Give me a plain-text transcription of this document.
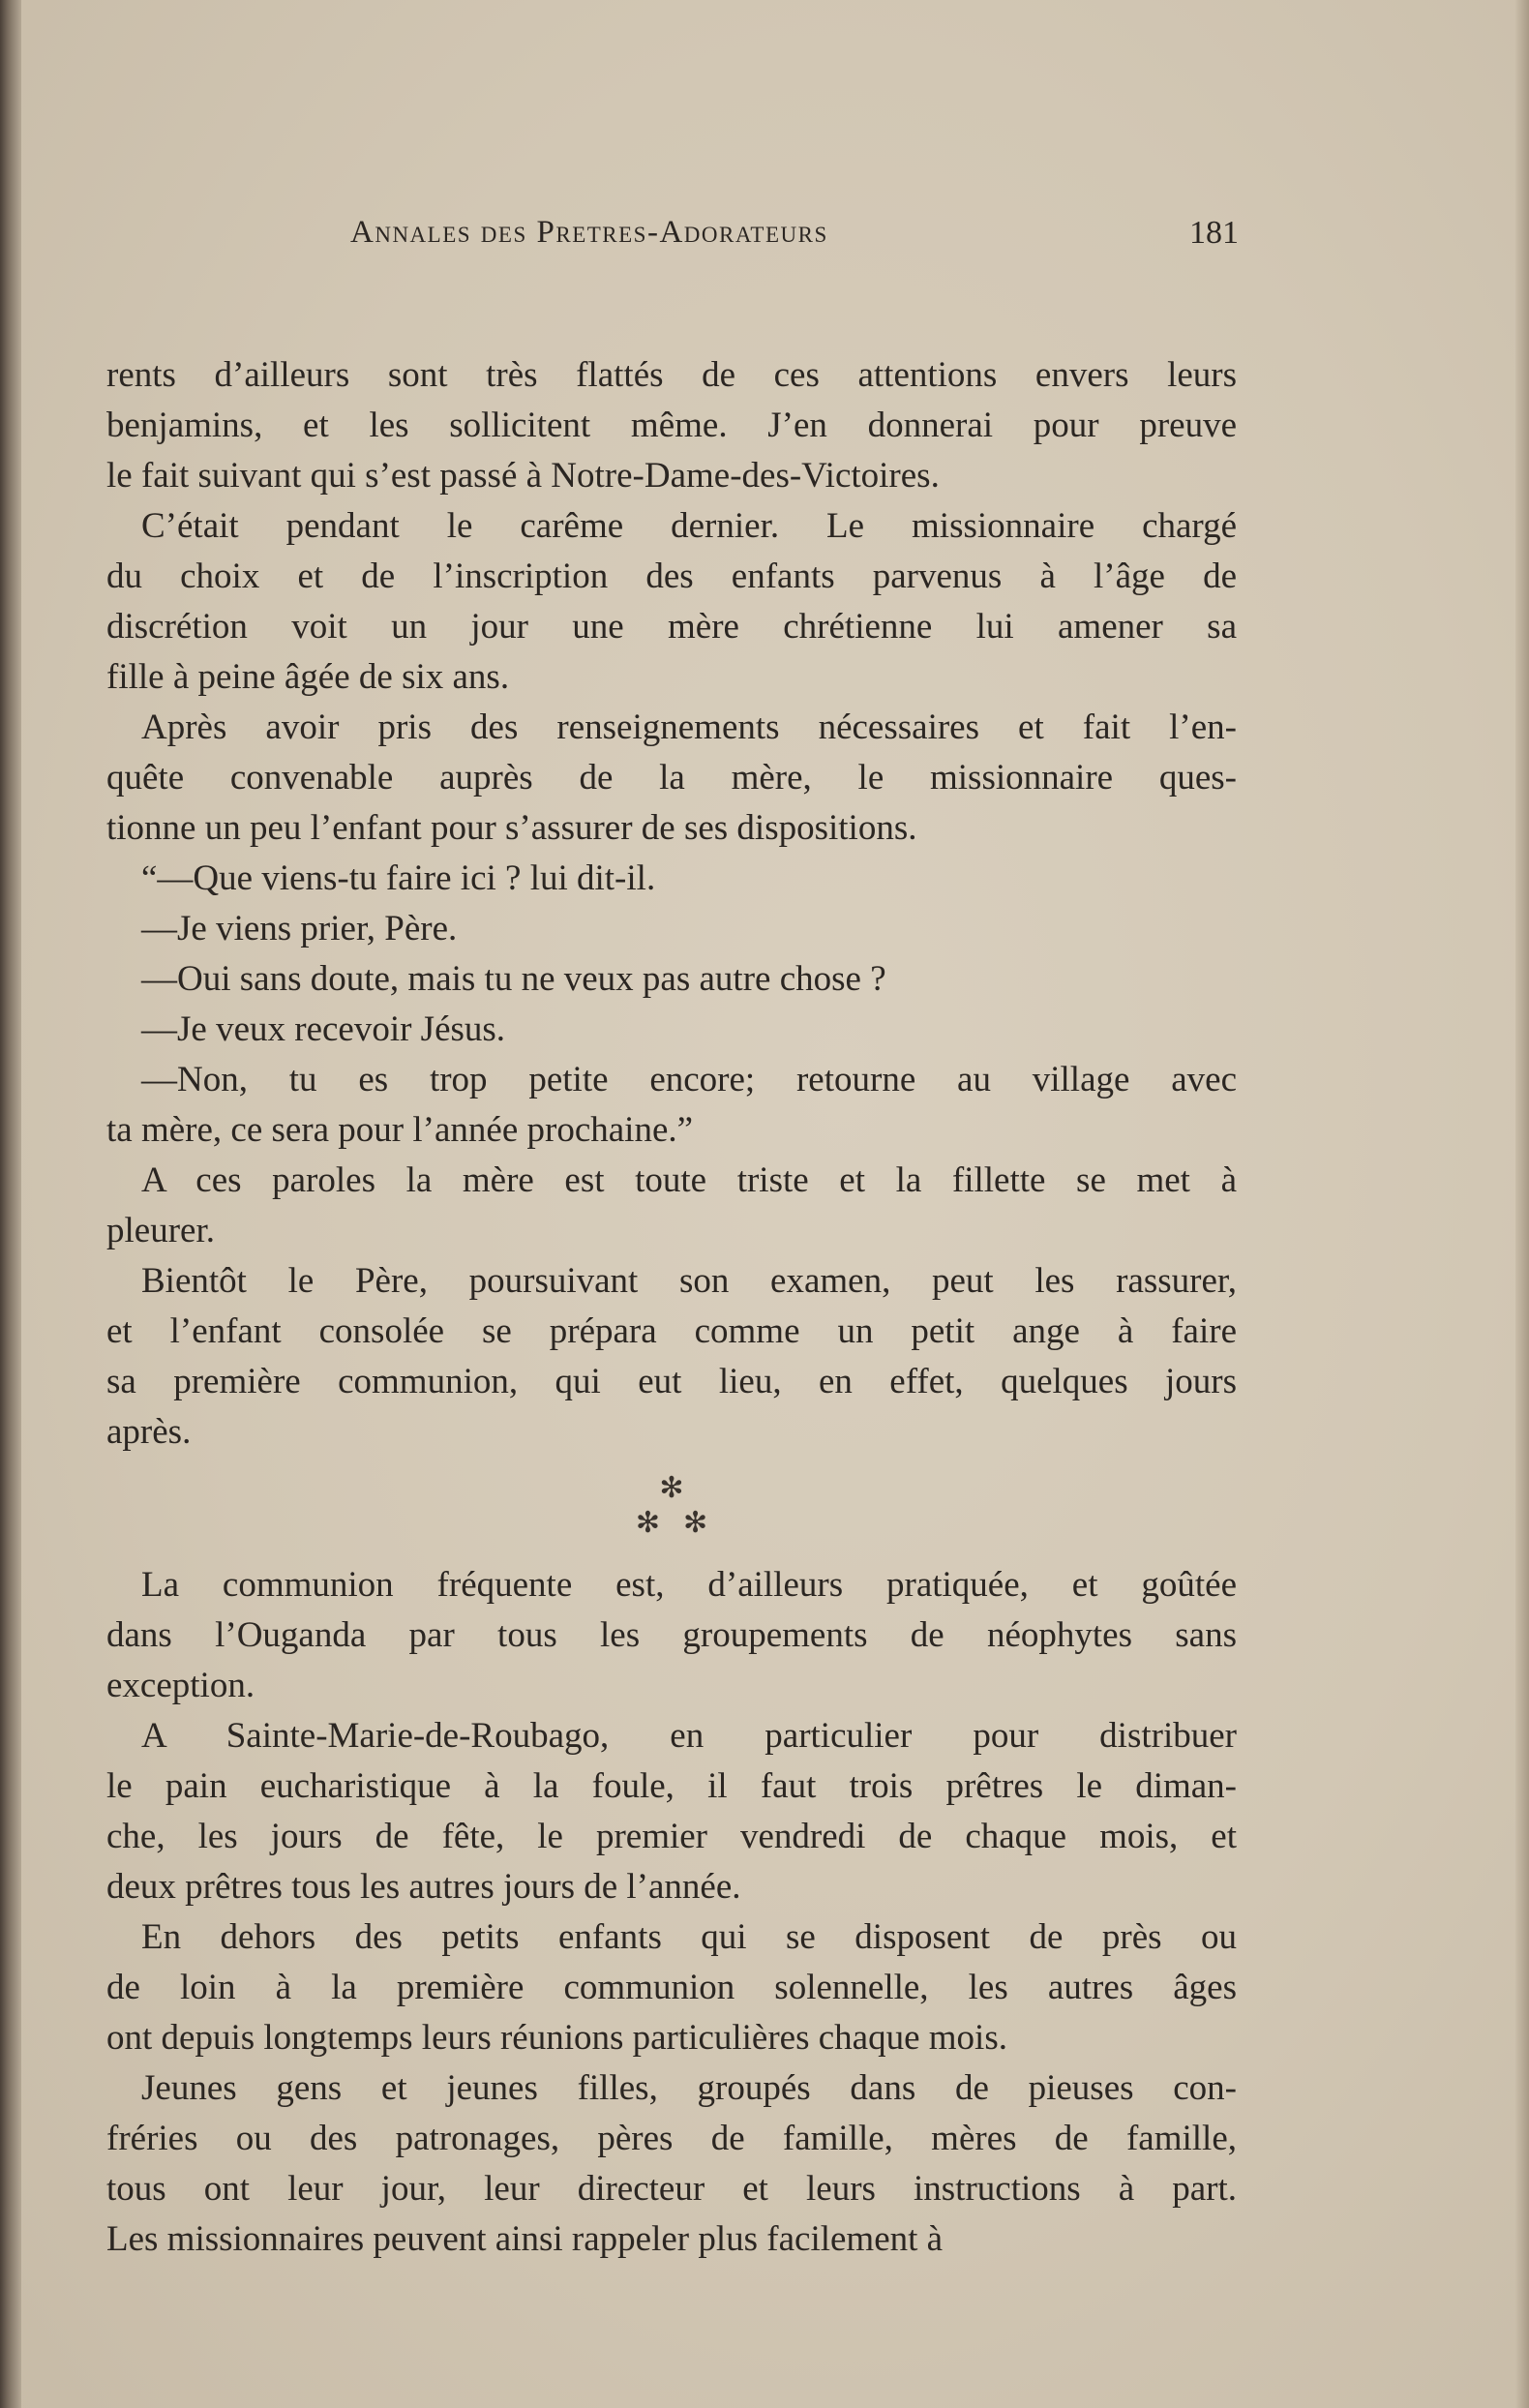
Annales des Pretres-Adorateurs	181
rents d’ailleurs sont très flattés de ces attentions envers leurs
benjamins, et les sollicitent même. J’en donnerai pour preuve
le fait suivant qui s’est passé à Notre-Dame-des-Victoires.
C’était pendant le carême dernier. Le missionnaire chargé
du choix et de l’inscription des enfants parvenus à l’âge de
discrétion voit un jour une mère chrétienne lui amener sa
fille à peine âgée de six ans.
Après avoir pris des renseignements nécessaires et fait l’en-
quête convenable auprès de la mère, le missionnaire ques-
tionne un peu l’enfant pour s’assurer de ses dispositions.
“—Que viens-tu faire ici ? lui dit-il.
—Je viens prier, Père.
—Oui sans doute, mais tu ne veux pas autre chose ?
—Je veux recevoir Jésus.
—Non, tu es trop petite encore; retourne au village avec
ta mère, ce sera pour l’année prochaine.”
A ces paroles la mère est toute triste et la fillette se met à
pleurer.
Bientôt le Père, poursuivant son examen, peut les rassurer,
et l’enfant consolée se prépara comme un petit ange à faire
sa première communion, qui eut lieu, en effet, quelques jours
après.
✻
✻✻
La communion fréquente est, d’ailleurs pratiquée, et goûtée
dans l’Ouganda par tous les groupements de néophytes sans
exception.
A Sainte-Marie-de-Roubago, en particulier pour distribuer
le pain eucharistique à la foule, il faut trois prêtres le diman-
che, les jours de fête, le premier vendredi de chaque mois, et
deux prêtres tous les autres jours de l’année.
En dehors des petits enfants qui se disposent de près ou
de loin à la première communion solennelle, les autres âges
ont depuis longtemps leurs réunions particulières chaque mois.
Jeunes gens et jeunes filles, groupés dans de pieuses con-
fréries ou des patronages, pères de famille, mères de famille,
tous ont leur jour, leur directeur et leurs instructions à part.
Les missionnaires peuvent ainsi rappeler plus facilement à
